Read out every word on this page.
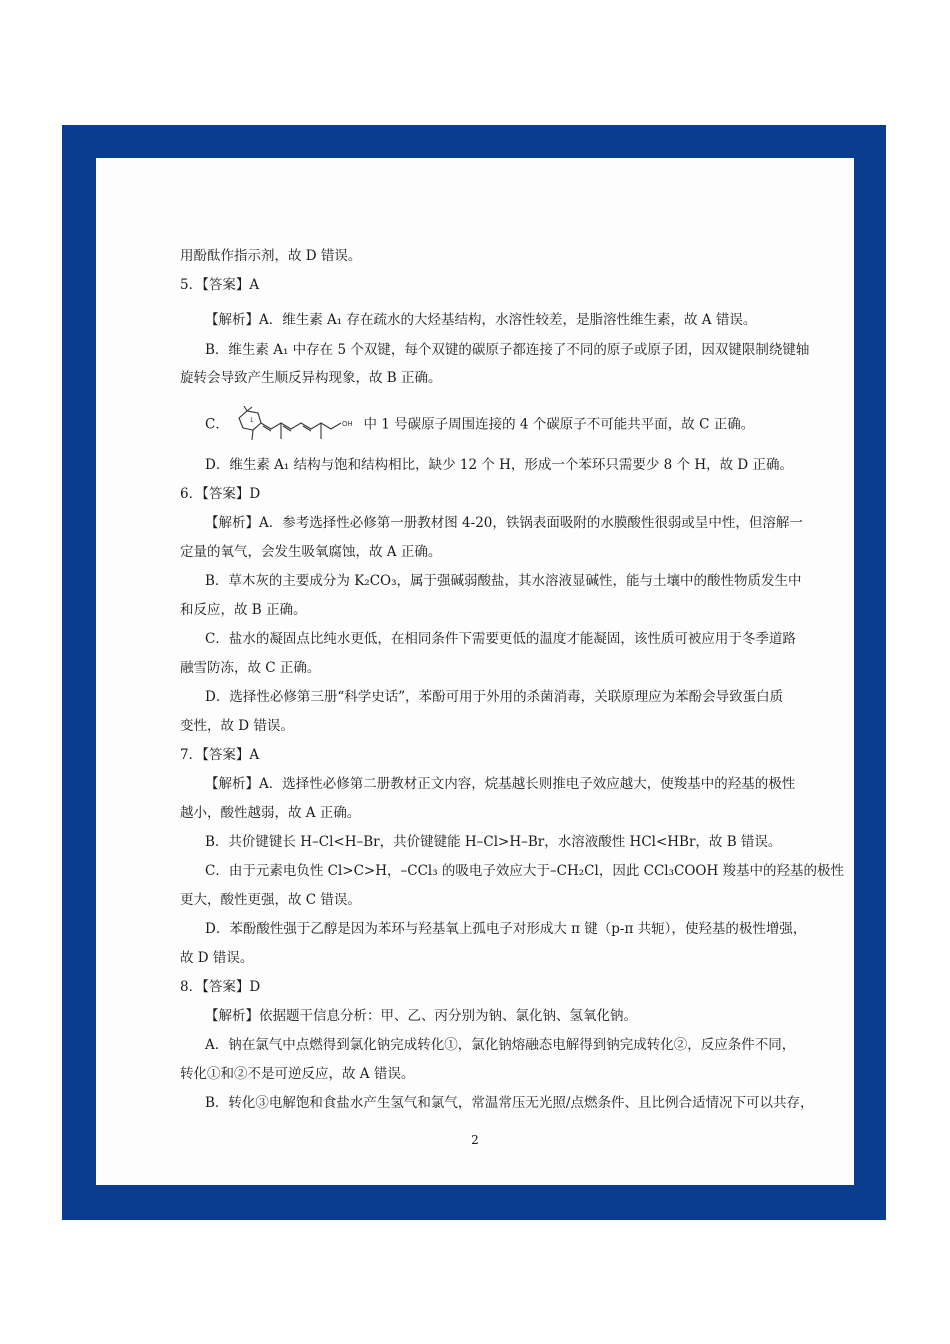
用酚酞作指示剂，故 D 错误。
5．【答案】A
【解析】A．维生素 A₁ 存在疏水的大烃基结构，水溶性较差，是脂溶性维生素，故 A 错误。
B．维生素 A₁ 中存在 5 个双键，每个双键的碳原子都连接了不同的原子或原子团，因双键限制绕键轴
旋转会导致产生顺反异构现象，故 B 正确。
C．	OH
1	中 1 号碳原子周围连接的 4 个碳原子不可能共平面，故 C 正确。
D．维生素 A₁ 结构与饱和结构相比，缺少 12 个 H，形成一个苯环只需要少 8 个 H，故 D 正确。
6．【答案】D
【解析】A．参考选择性必修第一册教材图 4-20，铁锅表面吸附的水膜酸性很弱或呈中性，但溶解一
定量的氧气，会发生吸氧腐蚀，故 A 正确。
B．草木灰的主要成分为 K₂CO₃，属于强碱弱酸盐，其水溶液显碱性，能与土壤中的酸性物质发生中
和反应，故 B 正确。
C．盐水的凝固点比纯水更低，在相同条件下需要更低的温度才能凝固，该性质可被应用于冬季道路
融雪防冻，故 C 正确。
D．选择性必修第三册“科学史话”，苯酚可用于外用的杀菌消毒，关联原理应为苯酚会导致蛋白质
变性，故 D 错误。
7．【答案】A
【解析】A．选择性必修第二册教材正文内容，烷基越长则推电子效应越大，使羧基中的羟基的极性
越小，酸性越弱，故 A 正确。
B．共价键键长 H–Cl<H–Br，共价键键能 H–Cl>H–Br，水溶液酸性 HCl<HBr，故 B 错误。
C．由于元素电负性 Cl>C>H，–CCl₃ 的吸电子效应大于–CH₂Cl，因此 CCl₃COOH 羧基中的羟基的极性
更大，酸性更强，故 C 错误。
D．苯酚酸性强于乙醇是因为苯环与羟基氧上孤电子对形成大 π 键（p-π 共轭），使羟基的极性增强，
故 D 错误。
8．【答案】D
【解析】依据题干信息分析：甲、乙、丙分别为钠、氯化钠、氢氧化钠。
A．钠在氯气中点燃得到氯化钠完成转化①，氯化钠熔融态电解得到钠完成转化②，反应条件不同，
转化①和②不是可逆反应，故 A 错误。
B．转化③电解饱和食盐水产生氢气和氯气，常温常压无光照/点燃条件、且比例合适情况下可以共存，
2
